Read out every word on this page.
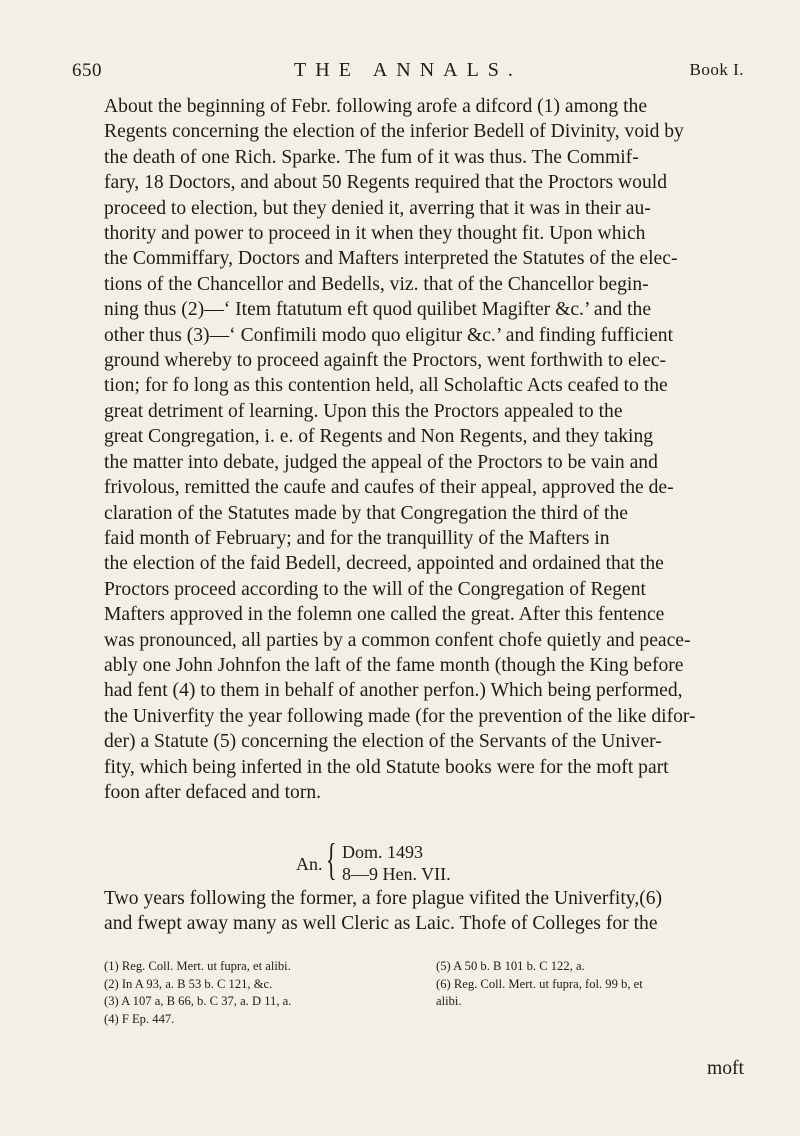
650	THE ANNALS.	Book I.

About the beginning of Febr. following arofe a difcord (1) among the

Regents concerning the election of the inferior Bedell of Divinity, void by

the death of one Rich. Sparke. The fum of it was thus. The Commif-

fary, 18 Doctors, and about 50 Regents required that the Proctors would

proceed to election, but they denied it, averring that it was in their au-

thority and power to proceed in it when they thought fit. Upon which

the Commiffary, Doctors and Mafters interpreted the Statutes of the elec-

tions of the Chancellor and Bedells, viz. that of the Chancellor begin-

ning thus (2)—‘ Item ftatutum eft quod quilibet Magifter &c.’ and the

other thus (3)—‘ Confimili modo quo eligitur &c.’ and finding fufficient

ground whereby to proceed againft the Proctors, went forthwith to elec-

tion; for fo long as this contention held, all Scholaftic Acts ceafed to the

great detriment of learning. Upon this the Proctors appealed to the

great Congregation, i. e. of Regents and Non Regents, and they taking

the matter into debate, judged the appeal of the Proctors to be vain and

frivolous, remitted the caufe and caufes of their appeal, approved the de-

claration of the Statutes made by that Congregation the third of the

faid month of February; and for the tranquillity of the Mafters in

the election of the faid Bedell, decreed, appointed and ordained that the

Proctors proceed according to the will of the Congregation of Regent

Mafters approved in the folemn one called the great. After this fentence

was pronounced, all parties by a common confent chofe quietly and peace-

ably one John Johnfon the laft of the fame month (though the King before

had fent (4) to them in behalf of another perfon.) Which being performed,

the Univerfity the year following made (for the prevention of the like difor-

der) a Statute (5) concerning the election of the Servants of the Univer-

fity, which being inferted in the old Statute books were for the moft part

foon after defaced and torn.

An. { Dom. 1493
8—9 Hen. VII.

Two years following the former, a fore plague vifited the Univerfity,(6)

and fwept away many as well Cleric as Laic. Thofe of Colleges for the

(1) Reg. Coll. Mert. ut fupra, et alibi.
(2) In A 93, a. B 53 b. C 121, &c.
(3) A 107 a, B 66, b. C 37, a. D 11, a.
(4) F Ep. 447.
(5) A 50 b. B 101 b. C 122, a.
(6) Reg. Coll. Mert. ut fupra, fol. 99 b, et
alibi.
moft
